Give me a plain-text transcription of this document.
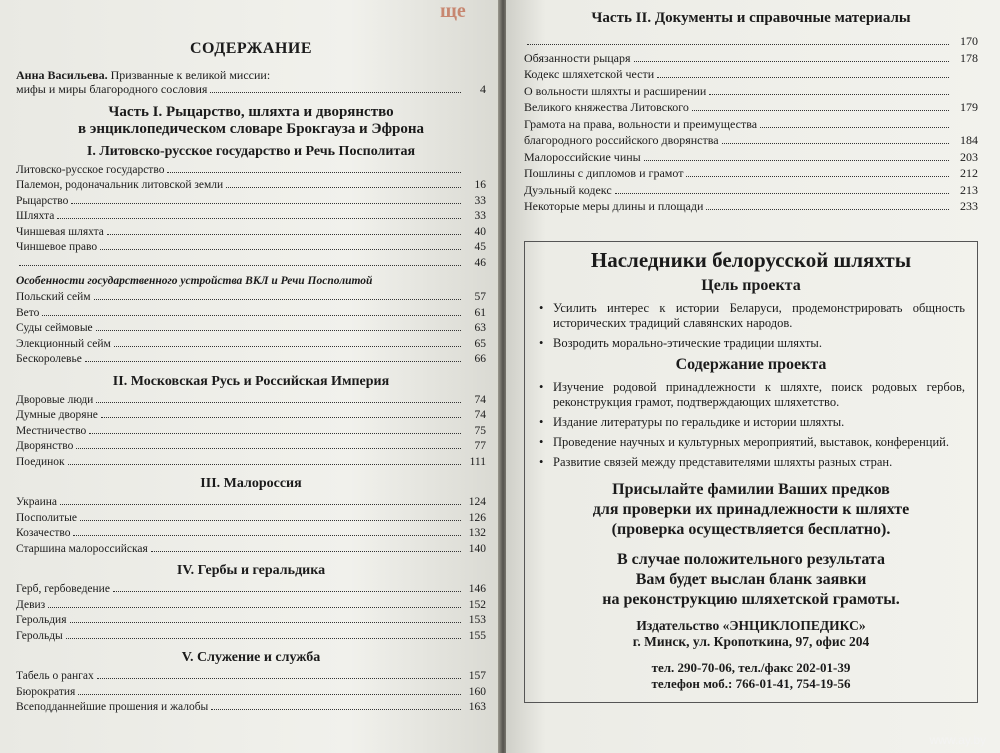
СОДЕРЖАНИЕ
Анна Васильева. Призванные к великой миссии:
мифы и миры благородного сословия	4
Часть I. Рыцарство, шляхта и дворянство
в энциклопедическом словаре Брокгауза и Эфрона
I. Литовско-русское государство и Речь Посполитая
Литовско-русское государство
Палемон, родоначальник литовской земли	16
Рыцарство	33
Шляхта	33
Чиншевая шляхта	40
Чиншевое право	45
46
Особенности государственного устройства ВКЛ и Речи Посполитой
Польский сейм	57
Вето	61
Суды сеймовые	63
Элекционный сейм	65
Бескоролевье	66
II. Московская Русь и Российская Империя
Дворовые люди	74
Думные дворяне	74
Местничество	75
Дворянство	77
Поединок	111
III. Малороссия
Украина	124
Посполитые	126
Козачество	132
Старшина малороссийская	140
IV. Гербы и геральдика
Герб, гербоведение	146
Девиз	152
Герольдия	153
Герольды	155
V. Служение и служба
Табель о рангах	157
Бюрократия	160
Всеподданнейшие прошения и жалобы	163
ще	Часть II. Документы и справочные материалы
170
Обязанности рыцаря	178
Кодекс шляхетской чести
О вольности шляхты и расширении
Великого княжества Литовского	179
Грамота на права, вольности и преимущества
благородного российского дворянства	184
Малороссийские чины	203
Пошлины с дипломов и грамот	212
Дуэльный кодекс	213
Некоторые меры длины и площади	233
Наследники белорусской шляхты
Цель проекта
• Усилить интерес к истории Беларуси, продемонстрировать общность исторических традиций славянских народов.
• Возродить морально-этические традиции шляхты.
Содержание проекта
• Изучение родовой принадлежности к шляхте, поиск родовых гербов, реконструкция грамот, подтверждающих шляхетство.
• Издание литературы по геральдике и истории шляхты.
• Проведение научных и культурных мероприятий, выставок, конференций.
• Развитие связей между представителями шляхты разных стран.
Присылайте фамилии Ваших предков
для проверки их принадлежности к шляхте
(проверка осуществляется бесплатно).
В случае положительного результата
Вам будет выслан бланк заявки
на реконструкцию шляхетской грамоты.
Издательство «ЭНЦИКЛОПЕДИКС»
г. Минск, ул. Кропоткина, 97, офис 204
тел. 290-70-06, тел./факс 202-01-39
телефон моб.: 766-01-41, 754-19-56
www.ay.by
